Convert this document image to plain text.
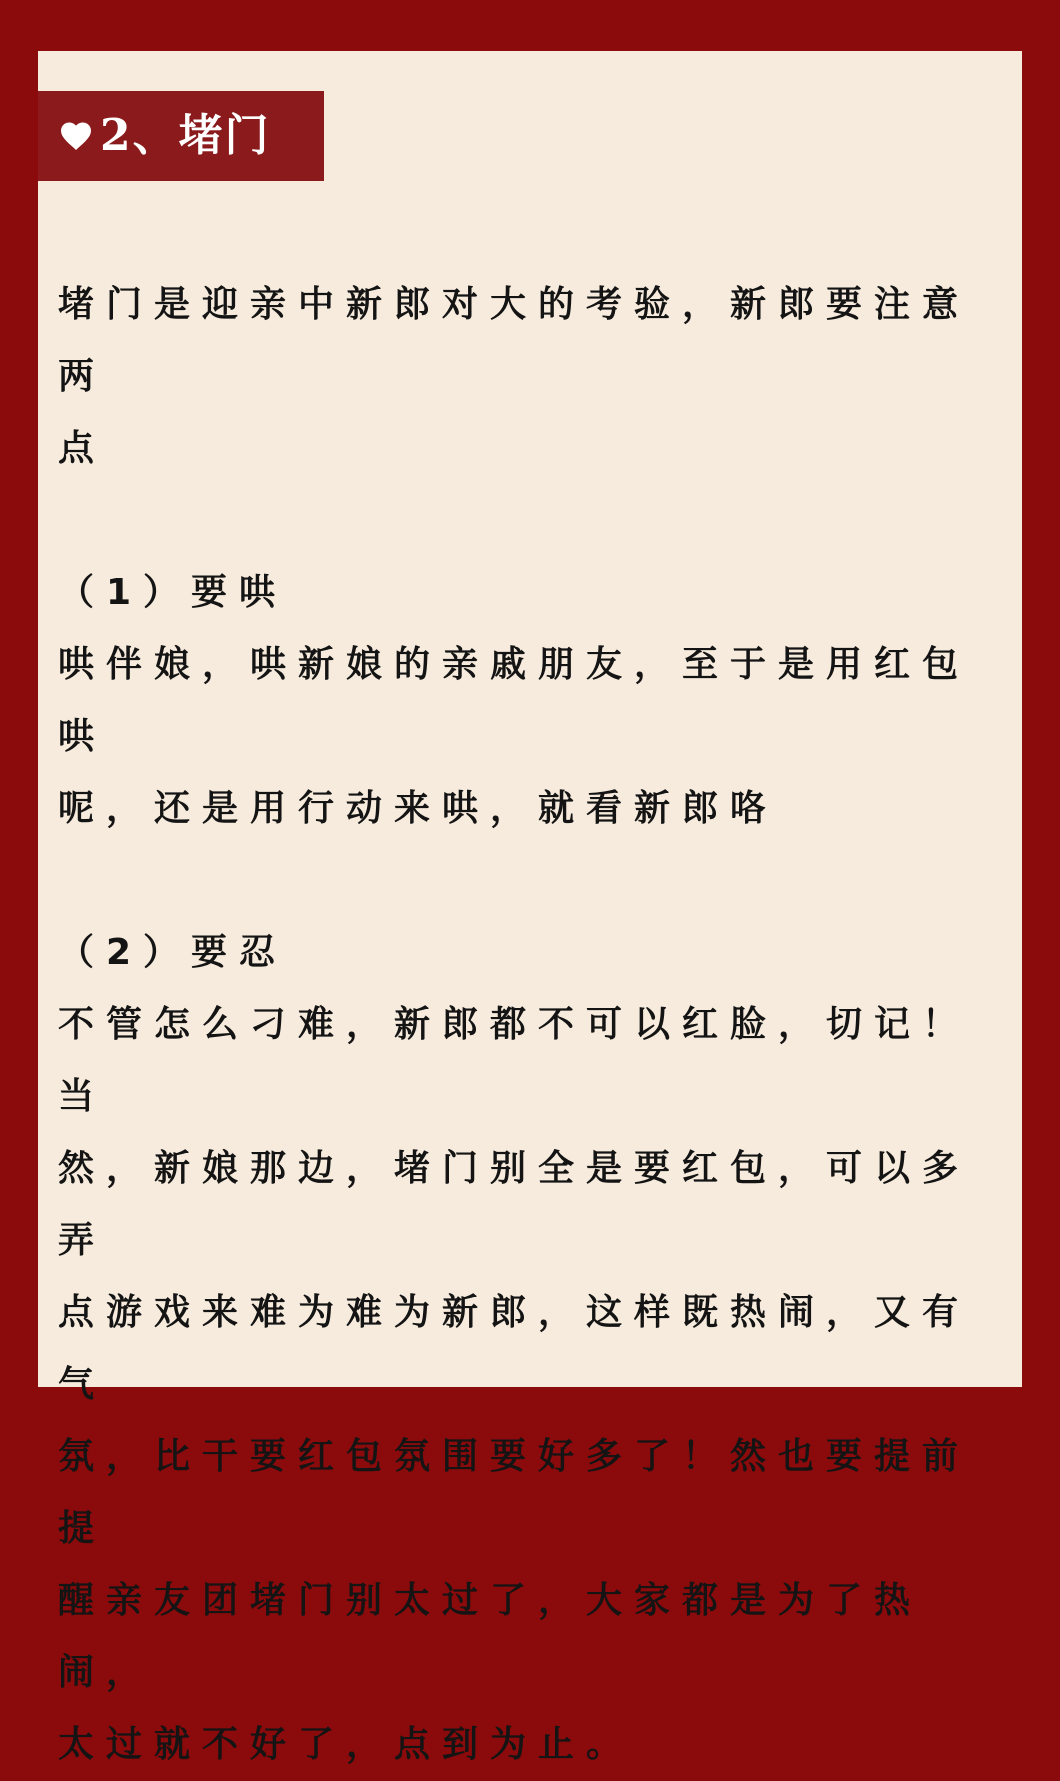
2、堵门

堵门是迎亲中新郎对大的考验，新郎要注意两

点

（1）要哄

哄伴娘，哄新娘的亲戚朋友，至于是用红包哄

呢，还是用行动来哄，就看新郎咯

（2）要忍

不管怎么刁难，新郎都不可以红脸，切记！当

然，新娘那边，堵门别全是要红包，可以多弄

点游戏来难为难为新郎，这样既热闹，又有气

氛，比干要红包氛围要好多了！然也要提前提

醒亲友团堵门别太过了，大家都是为了热闹，

太过就不好了，点到为止。
